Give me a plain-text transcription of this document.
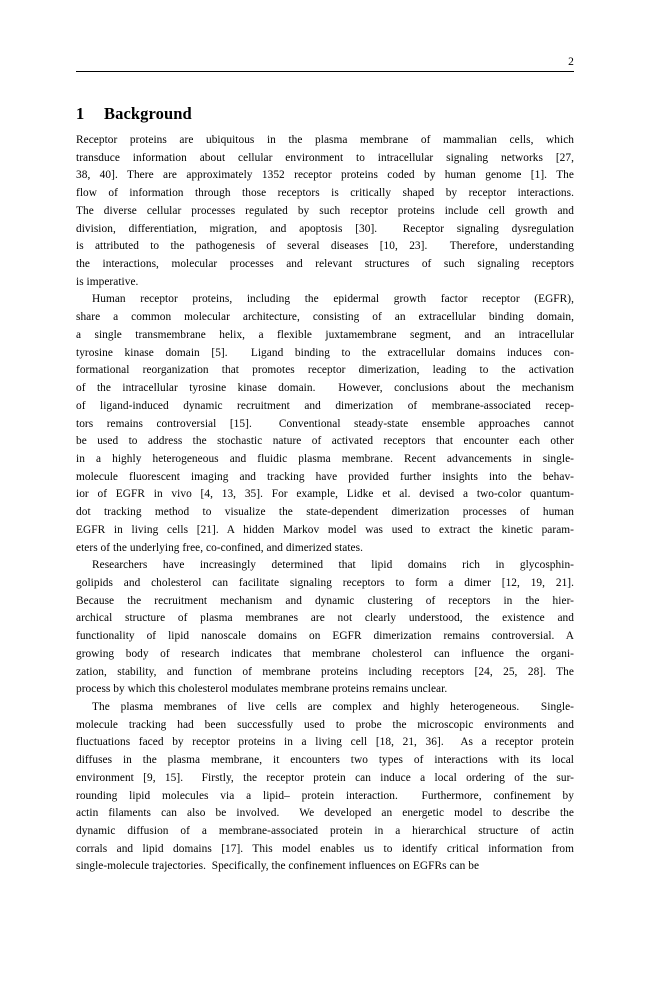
2
1 Background

Receptor proteins are ubiquitous in the plasma membrane of mammalian cells, which
transduce information about cellular environment to intracellular signaling networks [27,
38, 40]. There are approximately 1352 receptor proteins coded by human genome [1]. The
flow of information through those receptors is critically shaped by receptor interactions.
The diverse cellular processes regulated by such receptor proteins include cell growth and
division, differentiation, migration, and apoptosis [30].  Receptor signaling dysregulation
is attributed to the pathogenesis of several diseases [10, 23].  Therefore, understanding
the interactions, molecular processes and relevant structures of such signaling receptors
is imperative.

Human receptor proteins, including the epidermal growth factor receptor (EGFR),
share a common molecular architecture, consisting of an extracellular binding domain,
a single transmembrane helix, a flexible juxtamembrane segment, and an intracellular
tyrosine kinase domain [5].  Ligand binding to the extracellular domains induces con-
formational reorganization that promotes receptor dimerization, leading to the activation
of the intracellular tyrosine kinase domain.  However, conclusions about the mechanism
of ligand-induced dynamic recruitment and dimerization of membrane-associated recep-
tors remains controversial [15].  Conventional steady-state ensemble approaches cannot
be used to address the stochastic nature of activated receptors that encounter each other
in a highly heterogeneous and fluidic plasma membrane. Recent advancements in single-
molecule fluorescent imaging and tracking have provided further insights into the behav-
ior of EGFR in vivo [4, 13, 35]. For example, Lidke et al. devised a two-color quantum-
dot tracking method to visualize the state-dependent dimerization processes of human
EGFR in living cells [21]. A hidden Markov model was used to extract the kinetic param-
eters of the underlying free, co-confined, and dimerized states.

Researchers have increasingly determined that lipid domains rich in glycosphin-
golipids and cholesterol can facilitate signaling receptors to form a dimer [12, 19, 21].
Because the recruitment mechanism and dynamic clustering of receptors in the hier-
archical structure of plasma membranes are not clearly understood, the existence and
functionality of lipid nanoscale domains on EGFR dimerization remains controversial. A
growing body of research indicates that membrane cholesterol can influence the organi-
zation, stability, and function of membrane proteins including receptors [24, 25, 28]. The
process by which this cholesterol modulates membrane proteins remains unclear.

The plasma membranes of live cells are complex and highly heterogeneous.  Single-
molecule tracking had been successfully used to probe the microscopic environments and
fluctuations faced by receptor proteins in a living cell [18, 21, 36].  As a receptor protein
diffuses in the plasma membrane, it encounters two types of interactions with its local
environment [9, 15].  Firstly, the receptor protein can induce a local ordering of the sur-
rounding lipid molecules via a lipid– protein interaction.  Furthermore, confinement by
actin filaments can also be involved.  We developed an energetic model to describe the
dynamic diffusion of a membrane-associated protein in a hierarchical structure of actin
corrals and lipid domains [17]. This model enables us to identify critical information from
single-molecule trajectories.  Specifically, the confinement influences on EGFRs can be
